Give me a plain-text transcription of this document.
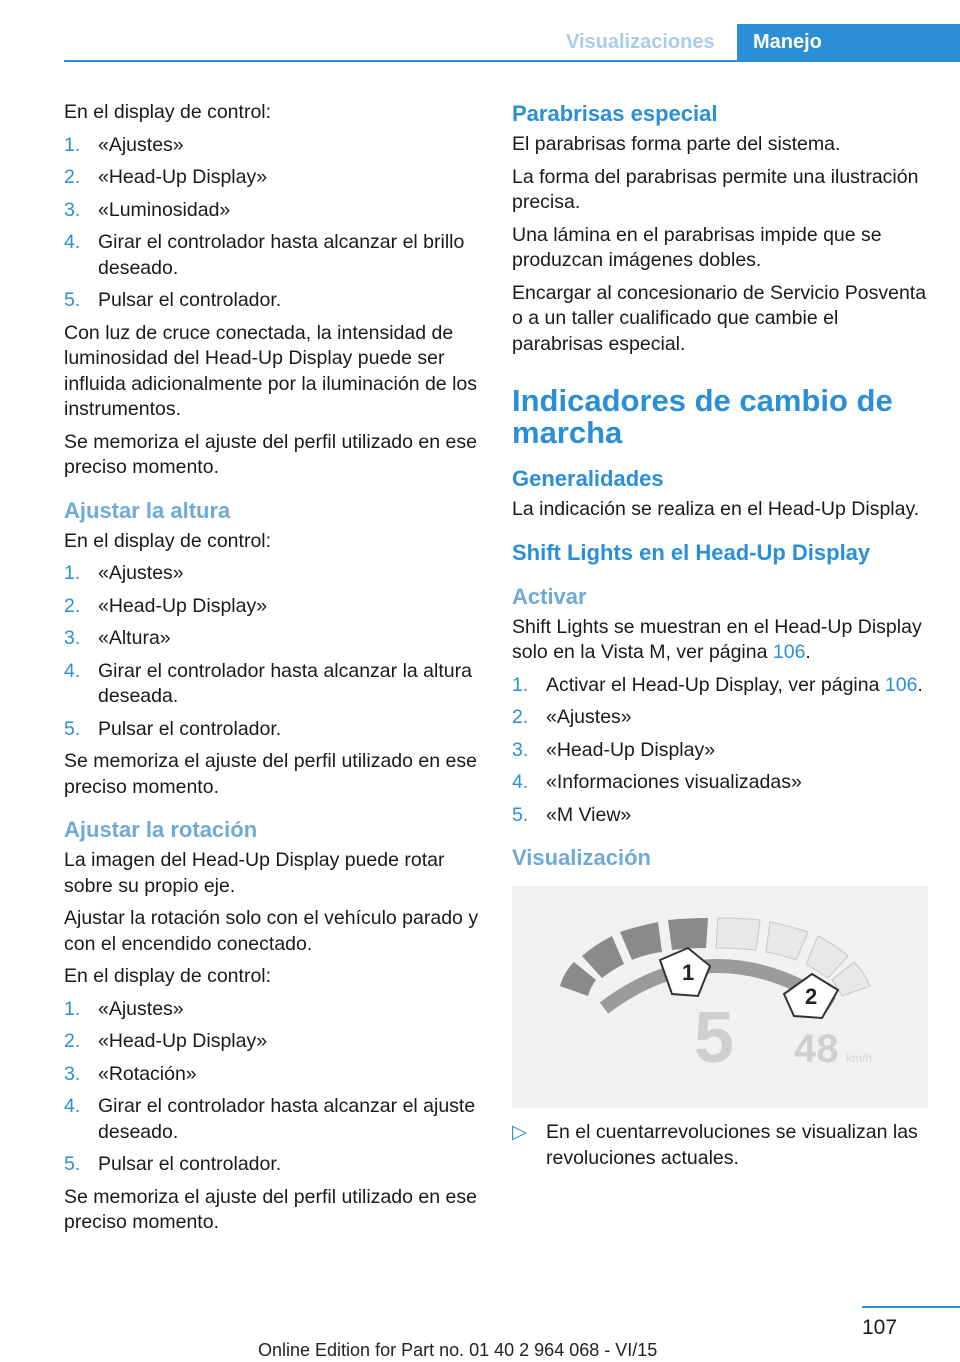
Visualizaciones	Manejo

En el display de control:

1. «Ajustes»
2. «Head-Up Display»
3. «Luminosidad»
4. Girar el controlador hasta alcanzar el brillo deseado.
5. Pulsar el controlador.

Con luz de cruce conectada, la intensidad de luminosidad del Head-Up Display puede ser influida adicionalmente por la iluminación de los instrumentos.

Se memoriza el ajuste del perfil utilizado en ese preciso momento.

Ajustar la altura

En el display de control:

1. «Ajustes»
2. «Head-Up Display»
3. «Altura»
4. Girar el controlador hasta alcanzar la altura deseada.
5. Pulsar el controlador.

Se memoriza el ajuste del perfil utilizado en ese preciso momento.

Ajustar la rotación

La imagen del Head-Up Display puede rotar sobre su propio eje.

Ajustar la rotación solo con el vehículo parado y con el encendido conectado.

En el display de control:

1. «Ajustes»
2. «Head-Up Display»
3. «Rotación»
4. Girar el controlador hasta alcanzar el ajuste deseado.
5. Pulsar el controlador.

Se memoriza el ajuste del perfil utilizado en ese preciso momento.

Parabrisas especial

El parabrisas forma parte del sistema.

La forma del parabrisas permite una ilustración precisa.

Una lámina en el parabrisas impide que se produzcan imágenes dobles.

Encargar al concesionario de Servicio Posventa o a un taller cualificado que cambie el parabrisas especial.

Indicadores de cambio de marcha
Generalidades

La indicación se realiza en el Head-Up Display.

Shift Lights en el Head-Up Display
Activar

Shift Lights se muestran en el Head-Up Display solo en la Vista M, ver página 106.

1. Activar el Head-Up Display, ver página 106.
2. «Ajustes»
3. «Head-Up Display»
4. «Informaciones visualizadas»
5. «M View»
Visualización
1
2
5 48 km/h
▷ En el cuentarrevoluciones se visualizan las revoluciones actuales.
107
Online Edition for Part no. 01 40 2 964 068 - VI/15
